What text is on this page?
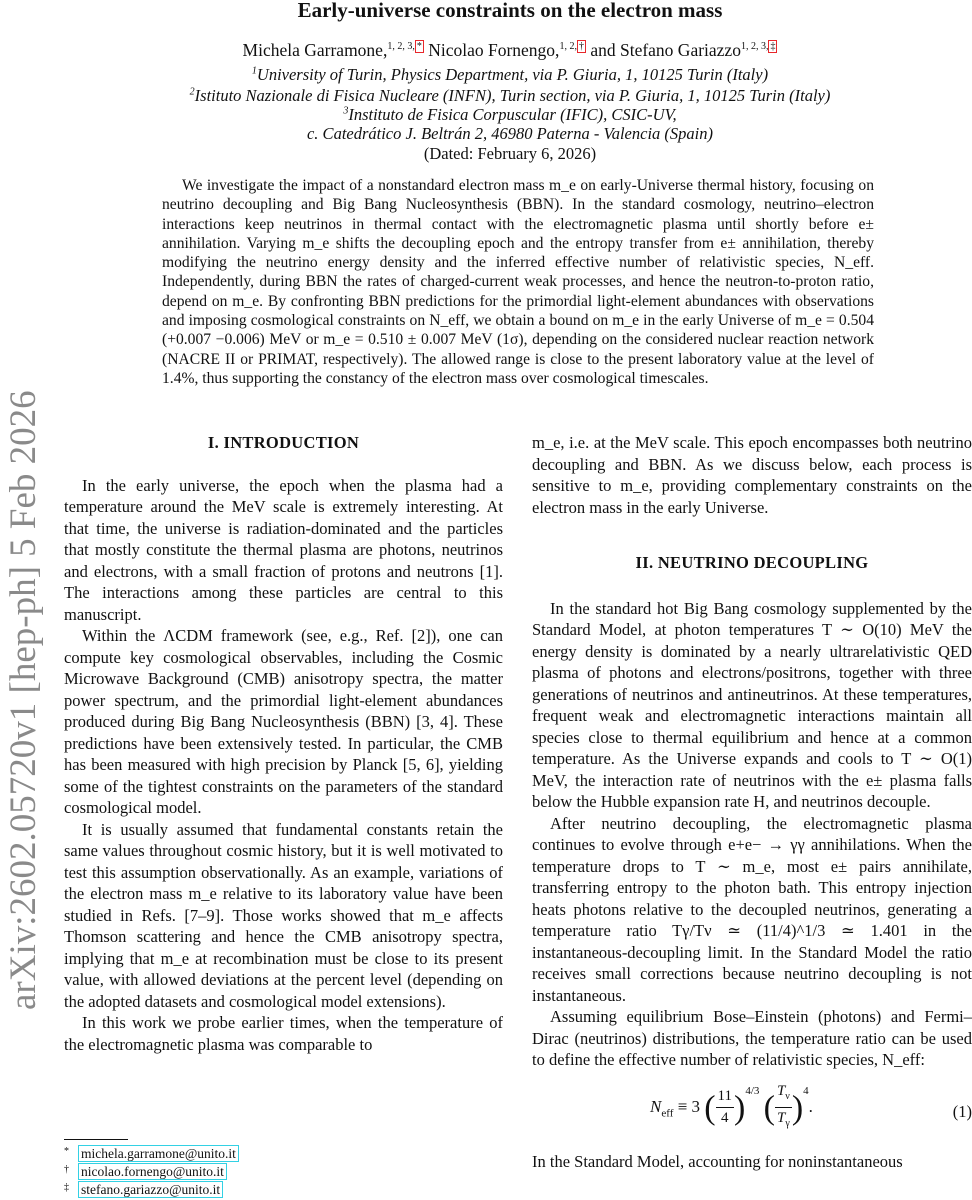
arXiv:2602.05720v1 [hep-ph] 5 Feb 2026
Early-universe constraints on the electron mass
Michela Garramone,$^{1, 2, 3,}$ * Nicolao Fornengo,$^{1, 2,}$ † and Stefano Gariazzo$^{1, 2, 3,}$ ‡
$^1$University of Turin, Physics Department, via P. Giuria, 1, 10125 Turin (Italy)
$^2$Istituto Nazionale di Fisica Nucleare (INFN), Turin section, via P. Giuria, 1, 10125 Turin (Italy)
$^3$Instituto de Fisica Corpuscular (IFIC), CSIC-UV,
c. Catedrático J. Beltrán 2, 46980 Paterna - Valencia (Spain)
(Dated: February 6, 2026)
We investigate the impact of a nonstandard electron mass m_e on early-Universe thermal history, focusing on neutrino decoupling and Big Bang Nucleosynthesis (BBN). In the standard cosmology, neutrino–electron interactions keep neutrinos in thermal contact with the electromagnetic plasma until shortly before e± annihilation. Varying m_e shifts the decoupling epoch and the entropy transfer from e± annihilation, thereby modifying the neutrino energy density and the inferred effective number of relativistic species, N_eff. Independently, during BBN the rates of charged-current weak processes, and hence the neutron-to-proton ratio, depend on m_e. By confronting BBN predictions for the primordial light-element abundances with observations and imposing cosmological constraints on N_eff, we obtain a bound on m_e in the early Universe of m_e = 0.504 (+0.007 −0.006) MeV or m_e = 0.510 ± 0.007 MeV (1σ), depending on the considered nuclear reaction network (NACRE II or PRIMAT, respectively). The allowed range is close to the present laboratory value at the level of 1.4%, thus supporting the constancy of the electron mass over cosmological timescales.
I. INTRODUCTION

In the early universe, the epoch when the plasma had a temperature around the MeV scale is extremely interesting. At that time, the universe is radiation-dominated and the particles that mostly constitute the thermal plasma are photons, neutrinos and electrons, with a small fraction of protons and neutrons [1]. The interactions among these particles are central to this manuscript.

Within the ΛCDM framework (see, e.g., Ref. [2]), one can compute key cosmological observables, including the Cosmic Microwave Background (CMB) anisotropy spectra, the matter power spectrum, and the primordial light-element abundances produced during Big Bang Nucleosynthesis (BBN) [3, 4]. These predictions have been extensively tested. In particular, the CMB has been measured with high precision by Planck [5, 6], yielding some of the tightest constraints on the parameters of the standard cosmological model.

It is usually assumed that fundamental constants retain the same values throughout cosmic history, but it is well motivated to test this assumption observationally. As an example, variations of the electron mass m_e relative to its laboratory value have been studied in Refs. [7–9]. Those works showed that m_e affects Thomson scattering and hence the CMB anisotropy spectra, implying that m_e at recombination must be close to its present value, with allowed deviations at the percent level (depending on the adopted datasets and cosmological model extensions).

In this work we probe earlier times, when the temperature of the electromagnetic plasma was comparable to

m_e, i.e. at the MeV scale. This epoch encompasses both neutrino decoupling and BBN. As we discuss below, each process is sensitive to m_e, providing complementary constraints on the electron mass in the early Universe.

II. NEUTRINO DECOUPLING

In the standard hot Big Bang cosmology supplemented by the Standard Model, at photon temperatures T ∼ O(10) MeV the energy density is dominated by a nearly ultrarelativistic QED plasma of photons and electrons/positrons, together with three generations of neutrinos and antineutrinos. At these temperatures, frequent weak and electromagnetic interactions maintain all species close to thermal equilibrium and hence at a common temperature. As the Universe expands and cools to T ∼ O(1) MeV, the interaction rate of neutrinos with the e± plasma falls below the Hubble expansion rate H, and neutrinos decouple.

After neutrino decoupling, the electromagnetic plasma continues to evolve through e+e− → γγ annihilations. When the temperature drops to T ∼ m_e, most e± pairs annihilate, transferring entropy to the photon bath. This entropy injection heats photons relative to the decoupled neutrinos, generating a temperature ratio Tγ/Tν ≃ (11/4)^1/3 ≃ 1.401 in the instantaneous-decoupling limit. In the Standard Model the ratio receives small corrections because neutrino decoupling is not instantaneous.

Assuming equilibrium Bose–Einstein (photons) and Fermi–Dirac (neutrinos) distributions, the temperature ratio can be used to define the effective number of relativistic species, N_eff:

$N_{eff} \equiv 3$ ( $\frac{11}{4} )^{4/3}$ ( $\frac{T_\nu}{T_\gamma} )^4$.	(1)

In the Standard Model, accounting for noninstantaneous

* michela.garramone@unito.it
† nicolao.fornengo@unito.it
‡ stefano.gariazzo@unito.it
